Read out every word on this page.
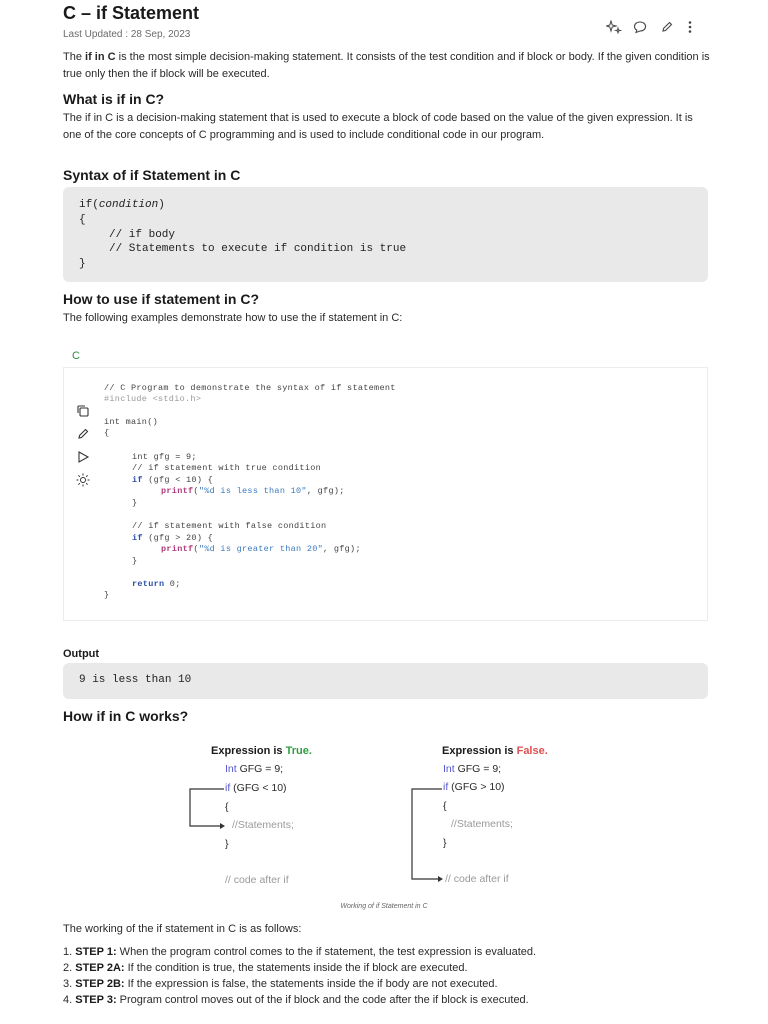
C – if Statement
Last Updated : 28 Sep, 2023

The if in C is the most simple decision-making statement. It consists of the test condition and if block or body. If the given condition is true only then the if block will be executed.

What is if in C?

The if in C is a decision-making statement that is used to execute a block of code based on the value of the given expression. It is one of the core concepts of C programming and is used to include conditional code in our program.

Syntax of if Statement in C
if(condition)
{
// if body
// Statements to execute if condition is true
}
How to use if statement in C?

The following examples demonstrate how to use the if statement in C:

C
// C Program to demonstrate the syntax of if statement
#include <stdio.h>
int main()
{
int gfg = 9;
// if statement with true condition
if (gfg < 10) {
printf("%d is less than 10", gfg);
}
// if statement with false condition
if (gfg > 20) {
printf("%d is greater than 20", gfg);
}
return 0;
}
Output
9 is less than 10
How if in C works?
Expression is True.
Int GFG = 9;
if (GFG < 10)
{
//Statements;
}
// code after if
Expression is False.
Int GFG = 9;
if (GFG > 10)
{
//Statements;
}
// code after if
Working of if Statement in C
The working of the if statement in C is as follows:
1. STEP 1: When the program control comes to the if statement, the test expression is evaluated.
2. STEP 2A: If the condition is true, the statements inside the if block are executed.
3. STEP 2B: If the expression is false, the statements inside the if body are not executed.
4. STEP 3: Program control moves out of the if block and the code after the if block is executed.
